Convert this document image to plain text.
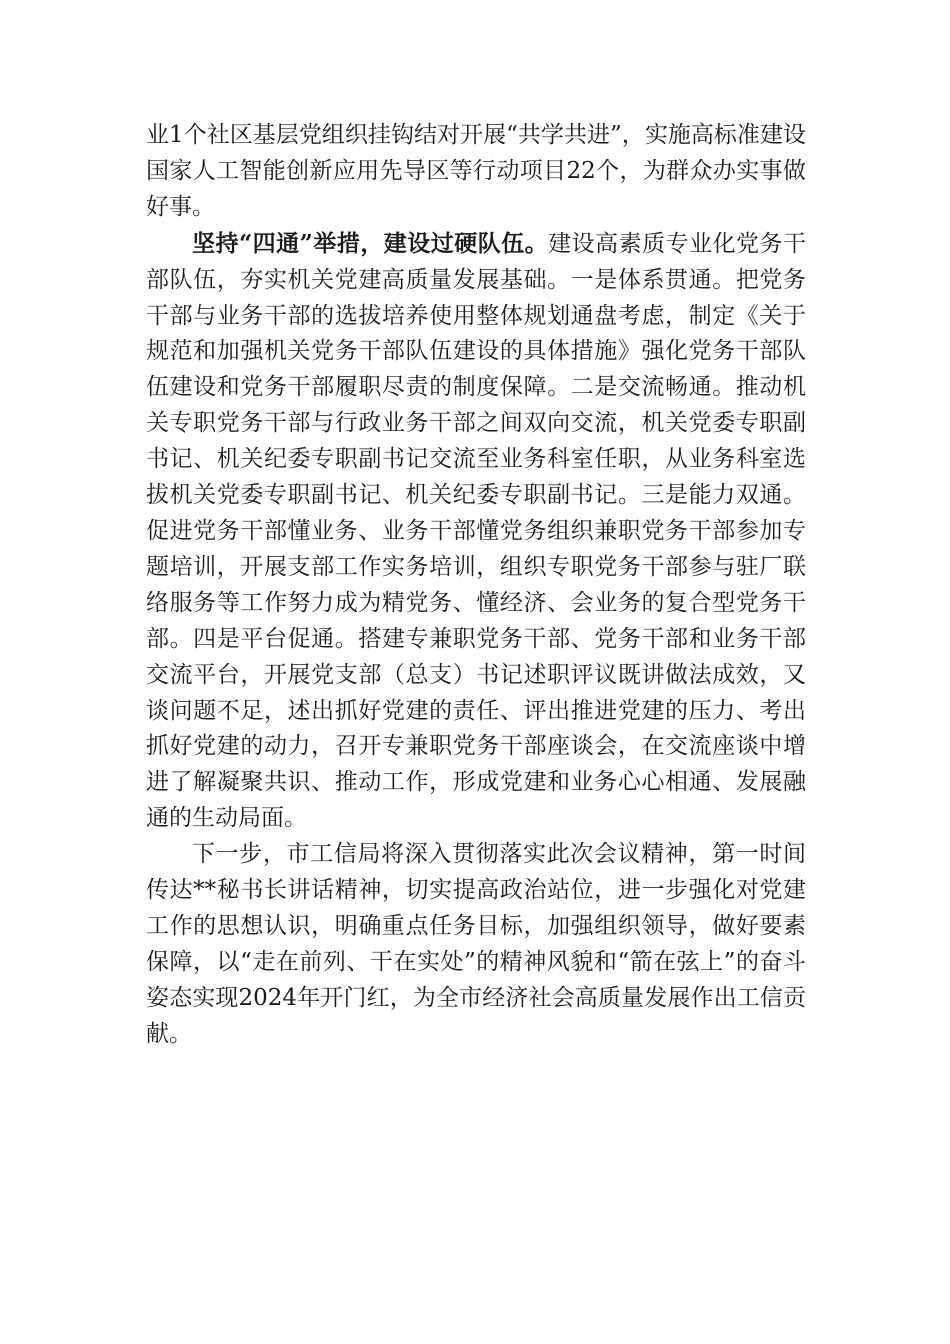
业1个社区基层党组织挂钩结对开展“共学共进”，实施高标准建设国家人工智能创新应用先导区等行动项目22个，为群众办实事做好事。

坚持“四通”举措，建设过硬队伍。建设高素质专业化党务干部队伍，夯实机关党建高质量发展基础。一是体系贯通。把党务干部与业务干部的选拔培养使用整体规划通盘考虑，制定《关于规范和加强机关党务干部队伍建设的具体措施》强化党务干部队伍建设和党务干部履职尽责的制度保障。二是交流畅通。推动机关专职党务干部与行政业务干部之间双向交流，机关党委专职副书记、机关纪委专职副书记交流至业务科室任职，从业务科室选拔机关党委专职副书记、机关纪委专职副书记。三是能力双通。促进党务干部懂业务、业务干部懂党务组织兼职党务干部参加专题培训，开展支部工作实务培训，组织专职党务干部参与驻厂联络服务等工作努力成为精党务、懂经济、会业务的复合型党务干部。四是平台促通。搭建专兼职党务干部、党务干部和业务干部交流平台，开展党支部（总支）书记述职评议既讲做法成效，又谈问题不足，述出抓好党建的责任、评出推进党建的压力、考出抓好党建的动力，召开专兼职党务干部座谈会，在交流座谈中增进了解凝聚共识、推动工作，形成党建和业务心心相通、发展融通的生动局面。

下一步，市工信局将深入贯彻落实此次会议精神，第一时间传达**秘书长讲话精神，切实提高政治站位，进一步强化对党建工作的思想认识，明确重点任务目标，加强组织领导，做好要素保障，以“走在前列、干在实处”的精神风貌和“箭在弦上”的奋斗姿态实现2024年开门红，为全市经济社会高质量发展作出工信贡献。
